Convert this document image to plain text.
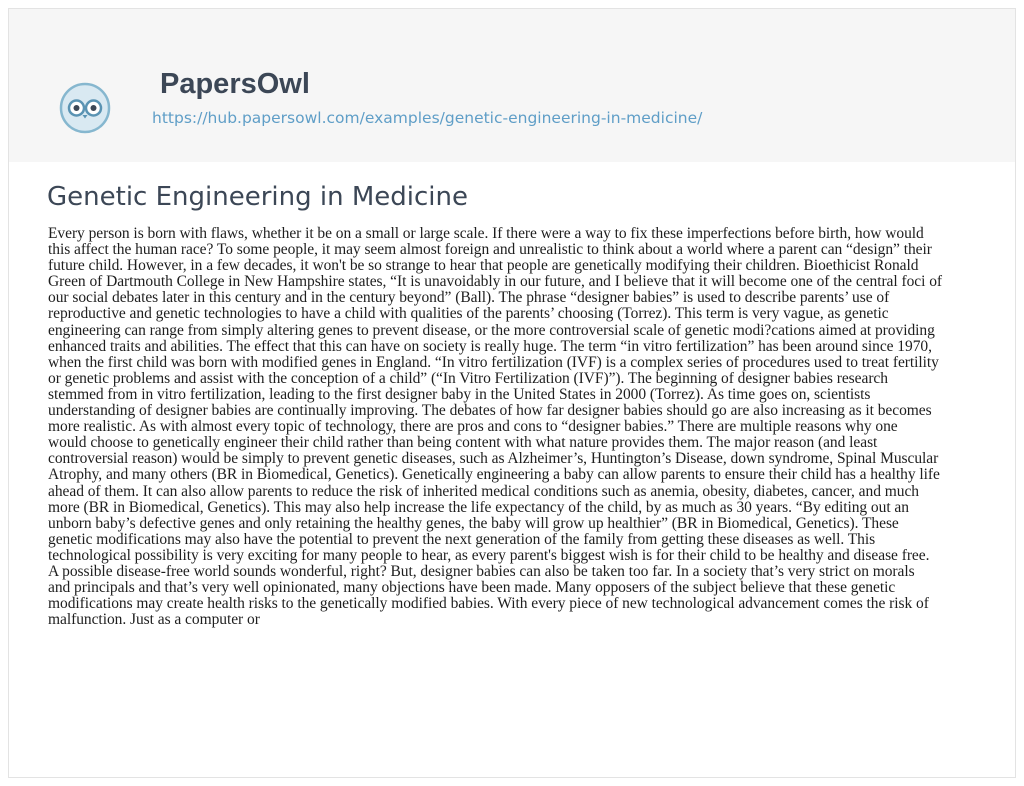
PapersOwl
https://hub.papersowl.com/examples/genetic-engineering-in-medicine/
Genetic Engineering in Medicine

Every person is born with flaws, whether it be on a small or large scale. If there were a way to fix these imperfections before birth, how would
this affect the human race? To some people, it may seem almost foreign and unrealistic to think about a world where a parent can “design” their
future child. However, in a few decades, it won't be so strange to hear that people are genetically modifying their children. Bioethicist Ronald
Green of Dartmouth College in New Hampshire states, “It is unavoidably in our future, and I believe that it will become one of the central foci of
our social debates later in this century and in the century beyond” (Ball). The phrase “designer babies” is used to describe parents’ use of
reproductive and genetic technologies to have a child with qualities of the parents’ choosing (Torrez). This term is very vague, as genetic
engineering can range from simply altering genes to prevent disease, or the more controversial scale of genetic modi?cations aimed at providing
enhanced traits and abilities. The effect that this can have on society is really huge. The term “in vitro fertilization” has been around since 1970,
when the first child was born with modified genes in England. “In vitro fertilization (IVF) is a complex series of procedures used to treat fertility
or genetic problems and assist with the conception of a child” (“In Vitro Fertilization (IVF)”). The beginning of designer babies research
stemmed from in vitro fertilization, leading to the first designer baby in the United States in 2000 (Torrez). As time goes on, scientists
understanding of designer babies are continually improving. The debates of how far designer babies should go are also increasing as it becomes
more realistic. As with almost every topic of technology, there are pros and cons to “designer babies.” There are multiple reasons why one
would choose to genetically engineer their child rather than being content with what nature provides them. The major reason (and least
controversial reason) would be simply to prevent genetic diseases, such as Alzheimer’s, Huntington’s Disease, down syndrome, Spinal Muscular
Atrophy, and many others (BR in Biomedical, Genetics). Genetically engineering a baby can allow parents to ensure their child has a healthy life
ahead of them. It can also allow parents to reduce the risk of inherited medical conditions such as anemia, obesity, diabetes, cancer, and much
more (BR in Biomedical, Genetics). This may also help increase the life expectancy of the child, by as much as 30 years. “By editing out an
unborn baby’s defective genes and only retaining the healthy genes, the baby will grow up healthier” (BR in Biomedical, Genetics). These
genetic modifications may also have the potential to prevent the next generation of the family from getting these diseases as well. This
technological possibility is very exciting for many people to hear, as every parent's biggest wish is for their child to be healthy and disease free.
A possible disease-free world sounds wonderful, right? But, designer babies can also be taken too far. In a society that’s very strict on morals
and principals and that’s very well opinionated, many objections have been made. Many opposers of the subject believe that these genetic
modifications may create health risks to the genetically modified babies. With every piece of new technological advancement comes the risk of
malfunction. Just as a computer or
